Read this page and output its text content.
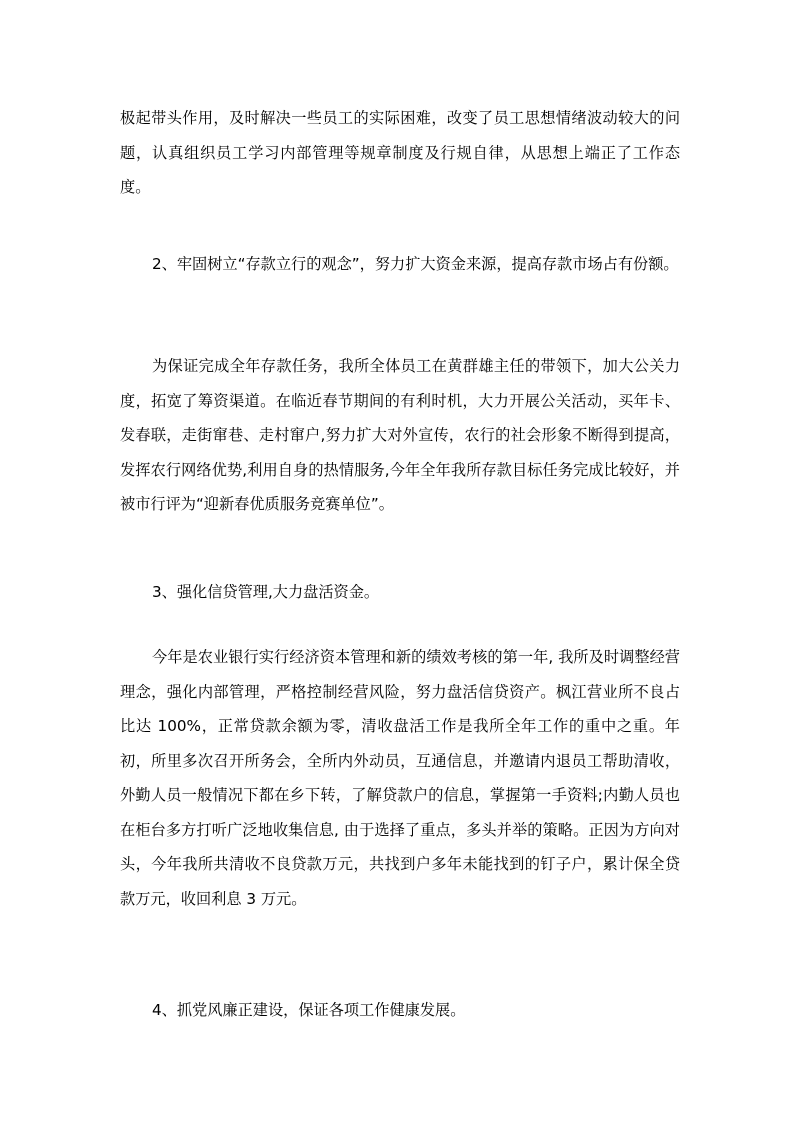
极起带头作用，及时解决一些员工的实际困难，改变了员工思想情绪波动较大的问题，认真组织员工学习内部管理等规章制度及行规自律，从思想上端正了工作态度。
2、牢固树立“存款立行的观念”，努力扩大资金来源，提高存款市场占有份额。
为保证完成全年存款任务，我所全体员工在黄群雄主任的带领下，加大公关力度，拓宽了筹资渠道。在临近春节期间的有利时机，大力开展公关活动，买年卡、发春联，走街窜巷、走村窜户,努力扩大对外宣传，农行的社会形象不断得到提高，发挥农行网络优势,利用自身的热情服务,今年全年我所存款目标任务完成比较好，并被市行评为“迎新春优质服务竞赛单位”。
3、强化信贷管理,大力盘活资金。
今年是农业银行实行经济资本管理和新的绩效考核的第一年, 我所及时调整经营理念，强化内部管理，严格控制经营风险，努力盘活信贷资产。枫江营业所不良占比达 100%，正常贷款余额为零，清收盘活工作是我所全年工作的重中之重。年初，所里多次召开所务会，全所内外动员，互通信息，并邀请内退员工帮助清收，外勤人员一般情况下都在乡下转，了解贷款户的信息，掌握第一手资料;内勤人员也在柜台多方打听广泛地收集信息, 由于选择了重点，多头并举的策略。正因为方向对头，今年我所共清收不良贷款万元，共找到户多年未能找到的钉子户，累计保全贷款万元，收回利息 3 万元。
4、抓党风廉正建设，保证各项工作健康发展。
